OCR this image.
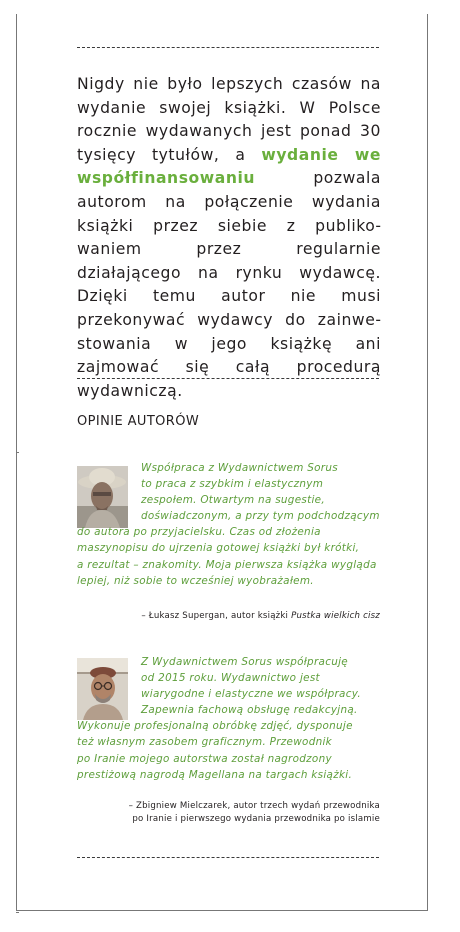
Nigdy nie było lepszych czasów na wydanie swojej książki. W Polsce rocznie wydawanych jest ponad 30 tysięcy tytułów, a wydanie we współfinansowaniu pozwala autorom na połączenie wydania książki przez siebie z publikowaniem przez regularnie działającego na rynku wydawcę. Dzięki temu autor nie musi przekonywać wydawcy do zainwestowania w jego książkę ani zajmować się całą procedurą wydawniczą.

OPINIE AUTORÓW

Współpraca z Wydawnictwem Sorus
to praca z szybkim i elastycznym
zespołem. Otwartym na sugestie,
doświadczonym, a przy tym podchodzącym
do autora po przyjacielsku. Czas od złożenia
maszynopisu do ujrzenia gotowej książki był krótki,
a rezultat – znakomity. Moja pierwsza książka wygląda
lepiej, niż sobie to wcześniej wyobrażałem.

– Łukasz Supergan, autor książki Pustka wielkich cisz

Z Wydawnictwem Sorus współpracuję
od 2015 roku. Wydawnictwo jest
wiarygodne i elastyczne we współpracy.
Zapewnia fachową obsługę redakcyjną.
Wykonuje profesjonalną obróbkę zdjęć, dysponuje
też własnym zasobem graficznym. Przewodnik
po Iranie mojego autorstwa został nagrodzony
prestiżową nagrodą Magellana na targach książki.

– Zbigniew Mielczarek, autor trzech wydań przewodnika
po Iranie i pierwszego wydania przewodnika po islamie
